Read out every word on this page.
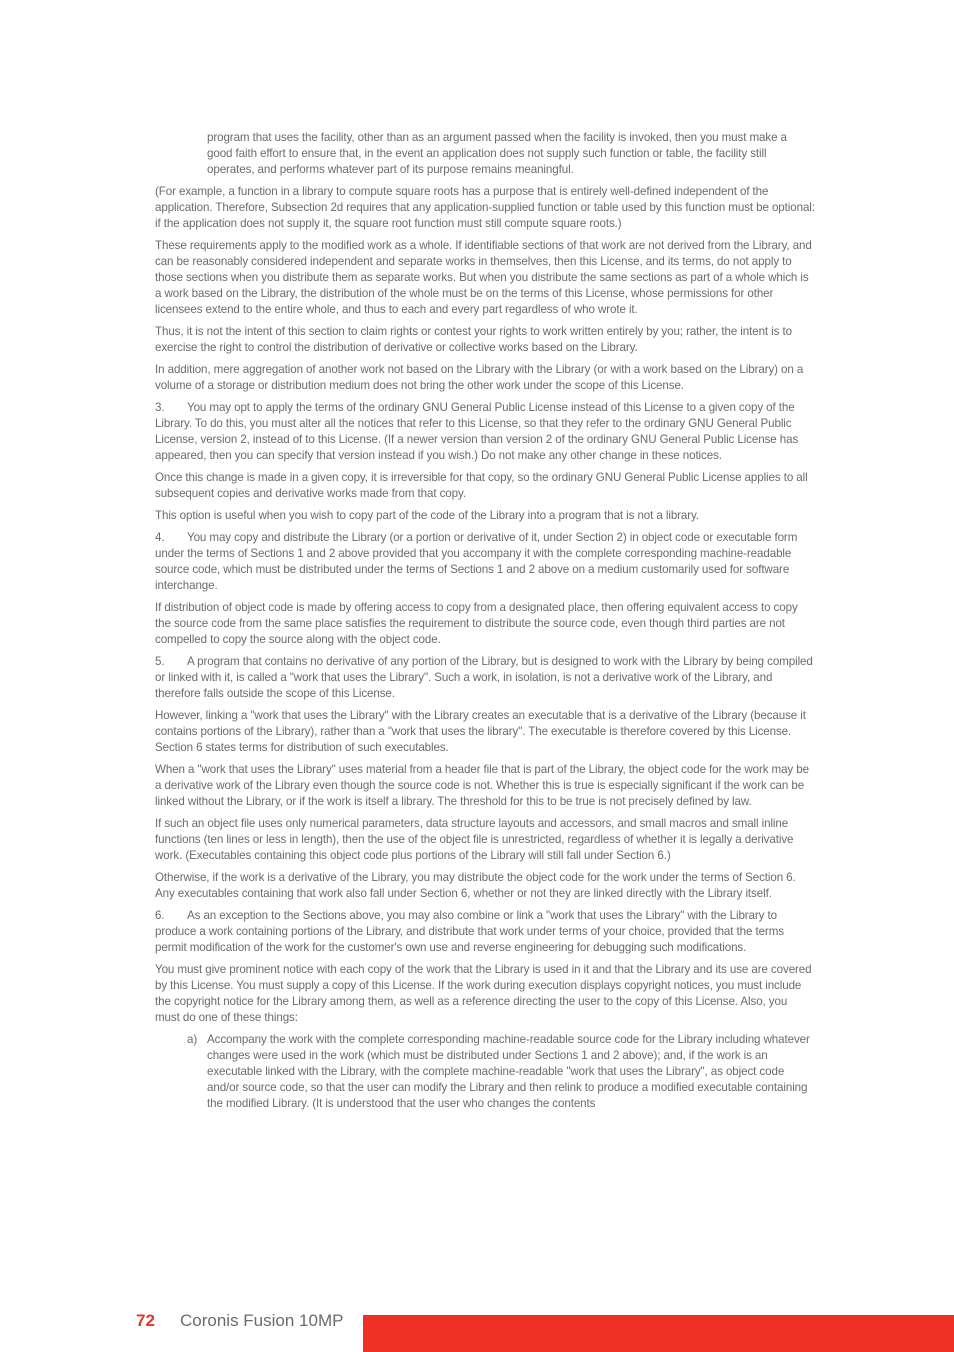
program that uses the facility, other than as an argument passed when the facility is invoked, then you must make a good faith effort to ensure that, in the event an application does not supply such function or table, the facility still operates, and performs whatever part of its purpose remains meaningful.

(For example, a function in a library to compute square roots has a purpose that is entirely well-defined independent of the application. Therefore, Subsection 2d requires that any application-supplied function or table used by this function must be optional: if the application does not supply it, the square root function must still compute square roots.)

These requirements apply to the modified work as a whole. If identifiable sections of that work are not derived from the Library, and can be reasonably considered independent and separate works in themselves, then this License, and its terms, do not apply to those sections when you distribute them as separate works. But when you distribute the same sections as part of a whole which is a work based on the Library, the distribution of the whole must be on the terms of this License, whose permissions for other licensees extend to the entire whole, and thus to each and every part regardless of who wrote it.

Thus, it is not the intent of this section to claim rights or contest your rights to work written entirely by you; rather, the intent is to exercise the right to control the distribution of derivative or collective works based on the Library.

In addition, mere aggregation of another work not based on the Library with the Library (or with a work based on the Library) on a volume of a storage or distribution medium does not bring the other work under the scope of this License.

3. You may opt to apply the terms of the ordinary GNU General Public License instead of this License to a given copy of the Library. To do this, you must alter all the notices that refer to this License, so that they refer to the ordinary GNU General Public License, version 2, instead of to this License. (If a newer version than version 2 of the ordinary GNU General Public License has appeared, then you can specify that version instead if you wish.) Do not make any other change in these notices.

Once this change is made in a given copy, it is irreversible for that copy, so the ordinary GNU General Public License applies to all subsequent copies and derivative works made from that copy.

This option is useful when you wish to copy part of the code of the Library into a program that is not a library.

4. You may copy and distribute the Library (or a portion or derivative of it, under Section 2) in object code or executable form under the terms of Sections 1 and 2 above provided that you accompany it with the complete corresponding machine-readable source code, which must be distributed under the terms of Sections 1 and 2 above on a medium customarily used for software interchange.

If distribution of object code is made by offering access to copy from a designated place, then offering equivalent access to copy the source code from the same place satisfies the requirement to distribute the source code, even though third parties are not compelled to copy the source along with the object code.

5. A program that contains no derivative of any portion of the Library, but is designed to work with the Library by being compiled or linked with it, is called a "work that uses the Library". Such a work, in isolation, is not a derivative work of the Library, and therefore falls outside the scope of this License.

However, linking a "work that uses the Library" with the Library creates an executable that is a derivative of the Library (because it contains portions of the Library), rather than a "work that uses the library". The executable is therefore covered by this License. Section 6 states terms for distribution of such executables.

When a "work that uses the Library" uses material from a header file that is part of the Library, the object code for the work may be a derivative work of the Library even though the source code is not. Whether this is true is especially significant if the work can be linked without the Library, or if the work is itself a library. The threshold for this to be true is not precisely defined by law.

If such an object file uses only numerical parameters, data structure layouts and accessors, and small macros and small inline functions (ten lines or less in length), then the use of the object file is unrestricted, regardless of whether it is legally a derivative work. (Executables containing this object code plus portions of the Library will still fall under Section 6.)

Otherwise, if the work is a derivative of the Library, you may distribute the object code for the work under the terms of Section 6. Any executables containing that work also fall under Section 6, whether or not they are linked directly with the Library itself.

6. As an exception to the Sections above, you may also combine or link a "work that uses the Library" with the Library to produce a work containing portions of the Library, and distribute that work under terms of your choice, provided that the terms permit modification of the work for the customer's own use and reverse engineering for debugging such modifications.

You must give prominent notice with each copy of the work that the Library is used in it and that the Library and its use are covered by this License. You must supply a copy of this License. If the work during execution displays copyright notices, you must include the copyright notice for the Library among them, as well as a reference directing the user to the copy of this License. Also, you must do one of these things:

a) Accompany the work with the complete corresponding machine-readable source code for the Library including whatever changes were used in the work (which must be distributed under Sections 1 and 2 above); and, if the work is an executable linked with the Library, with the complete machine-readable "work that uses the Library", as object code and/or source code, so that the user can modify the Library and then relink to produce a modified executable containing the modified Library. (It is understood that the user who changes the contents

72 Coronis Fusion 10MP
